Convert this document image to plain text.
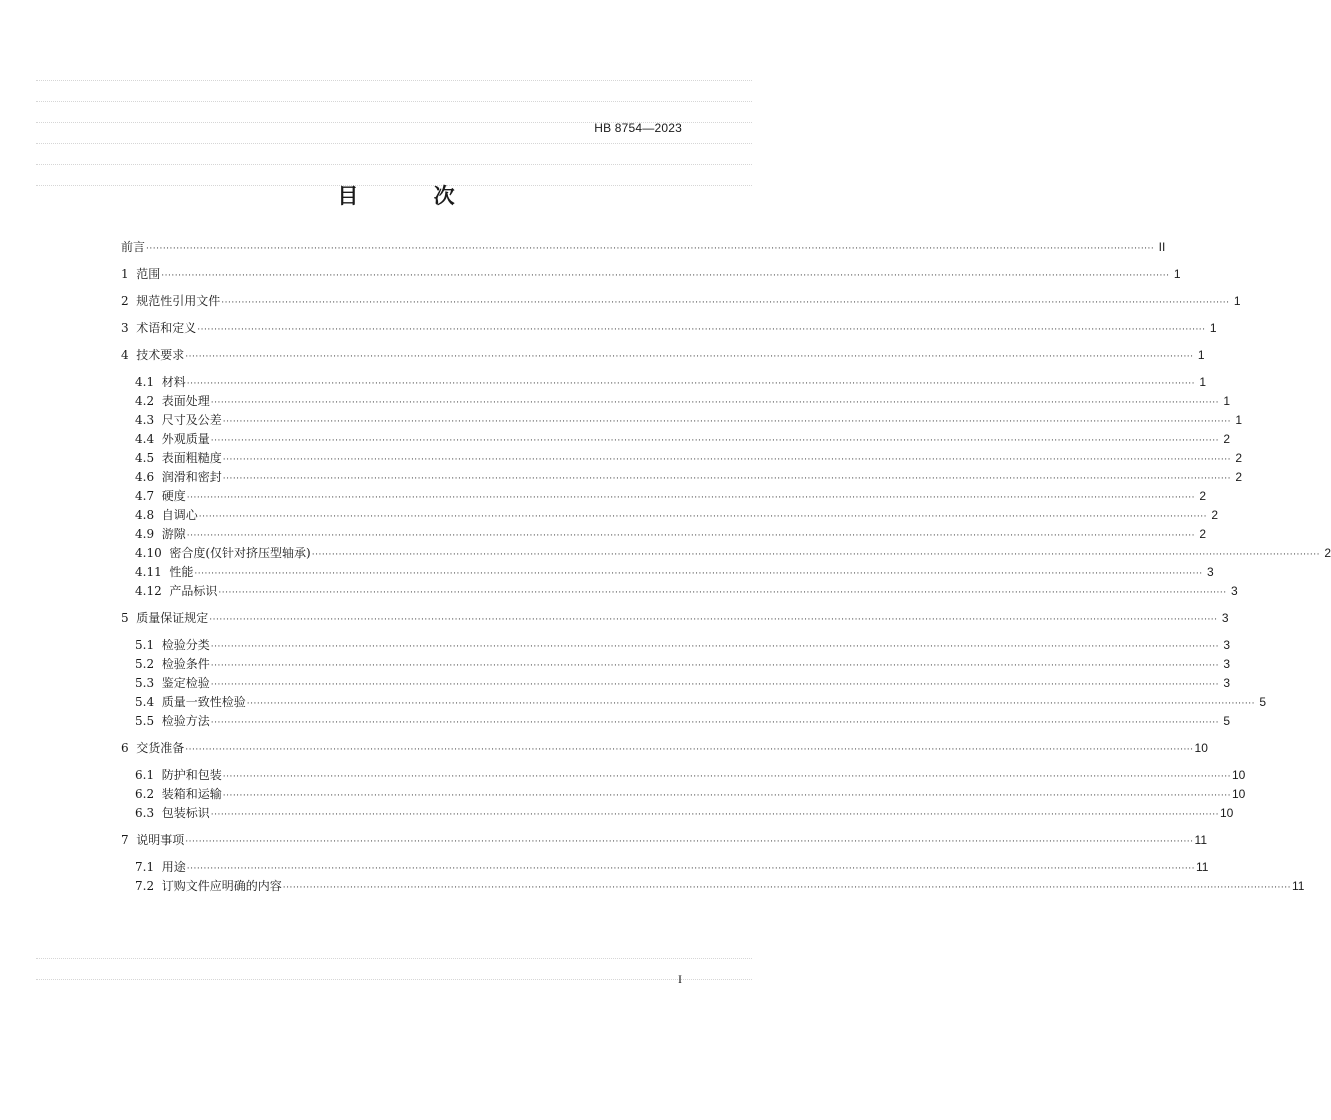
HB 8754—2023
目 次
前言 ············································································································································································································································································································ II
1 范围 ············································································································································································································································································································ 1
2 规范性引用文件 ············································································································································································································································································································ 1
3 术语和定义 ············································································································································································································································································································ 1
4 技术要求 ············································································································································································································································································································ 1
4.1 材料 ············································································································································································································································································································ 1
4.2 表面处理 ············································································································································································································································································································ 1
4.3 尺寸及公差 ············································································································································································································································································································ 1
4.4 外观质量 ············································································································································································································································································································ 2
4.5 表面粗糙度 ············································································································································································································································································································ 2
4.6 润滑和密封 ············································································································································································································································································································ 2
4.7 硬度 ············································································································································································································································································································ 2
4.8 自调心 ············································································································································································································································································································ 2
4.9 游隙 ············································································································································································································································································································ 2
4.10 密合度(仅针对挤压型轴承) ············································································································································································································································································································ 2
4.11 性能 ············································································································································································································································································································ 3
4.12 产品标识 ············································································································································································································································································································ 3
5 质量保证规定 ············································································································································································································································································································ 3
5.1 检验分类 ············································································································································································································································································································ 3
5.2 检验条件 ············································································································································································································································································································ 3
5.3 鉴定检验 ············································································································································································································································································································ 3
5.4 质量一致性检验 ············································································································································································································································································································ 5
5.5 检验方法 ············································································································································································································································································································ 5
6 交货准备 ············································································································································································································································································································ 10
6.1 防护和包装 ············································································································································································································································································································ 10
6.2 装箱和运输 ············································································································································································································································································································ 10
6.3 包装标识 ············································································································································································································································································································ 10
7 说明事项 ············································································································································································································································································································ 11
7.1 用途 ············································································································································································································································································································ 11
7.2 订购文件应明确的内容 ············································································································································································································································································································ 11
I
